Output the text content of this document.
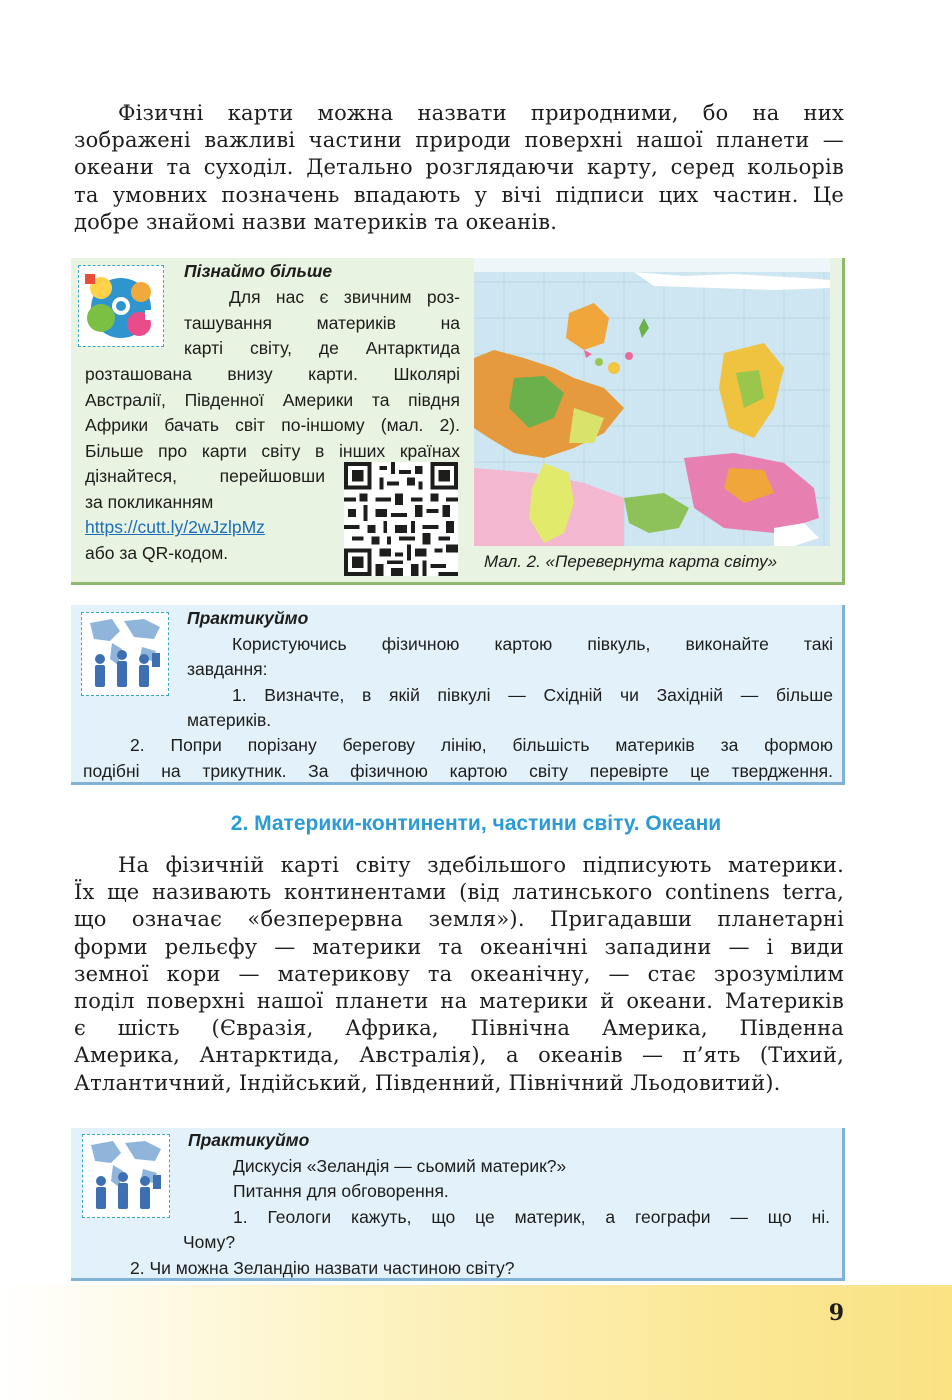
Фізичні карти можна назвати природними, бо на них
зображені важливі частини природи поверхні нашої планети —
океани та суходіл. Детально розглядаючи карту, серед кольорів
та умовних позначень впадають у вічі підписи цих частин. Це
добре знайомі назви материків та океанів.
Пізнаймо більше
Для нас є звичним роз-
ташування материків на
карті світу, де Антарктида
розташована внизу карти. Школярі
Австралії, Південної Америки та півдня
Африки бачать світ по-іншому (мал. 2).
Більше про карти світу в інших країнах
дізнайтеся, перейшовши
за покликанням
https://cutt.ly/2wJzlpMz
або за QR-кодом.	Мал. 2. «Перевернута карта світу»
Практикуймо
Користуючись фізичною картою півкуль, виконайте такі
завдання:
1. Визначте, в якій півкулі — Східній чи Західній — більше
материків.
2. Попри порізану берегову лінію, більшість материків за формою
подібні на трикутник. За фізичною картою світу перевірте це твердження.
2. Материки-континенти, частини світу. Океани
На фізичній карті світу здебільшого підписують материки.
Їх ще називають континентами (від латинського continens terra,
що означає «безперервна земля»). Пригадавши планетарні
форми рельєфу — материки та океанічні западини — і види
земної кори — материкову та океанічну, — стає зрозумілим
поділ поверхні нашої планети на материки й океани. Материків
є шість (Євразія, Африка, Північна Америка, Південна
Америка, Антарктида, Австралія), а океанів — п’ять (Тихий,
Атлантичний, Індійський, Південний, Північний Льодовитий).
Практикуймо
Дискусія «Зеландія — сьомий материк?»
Питання для обговорення.
1. Геологи кажуть, що це материк, а географи — що ні.
Чому?
2. Чи можна Зеландію назвати частиною світу?
9
